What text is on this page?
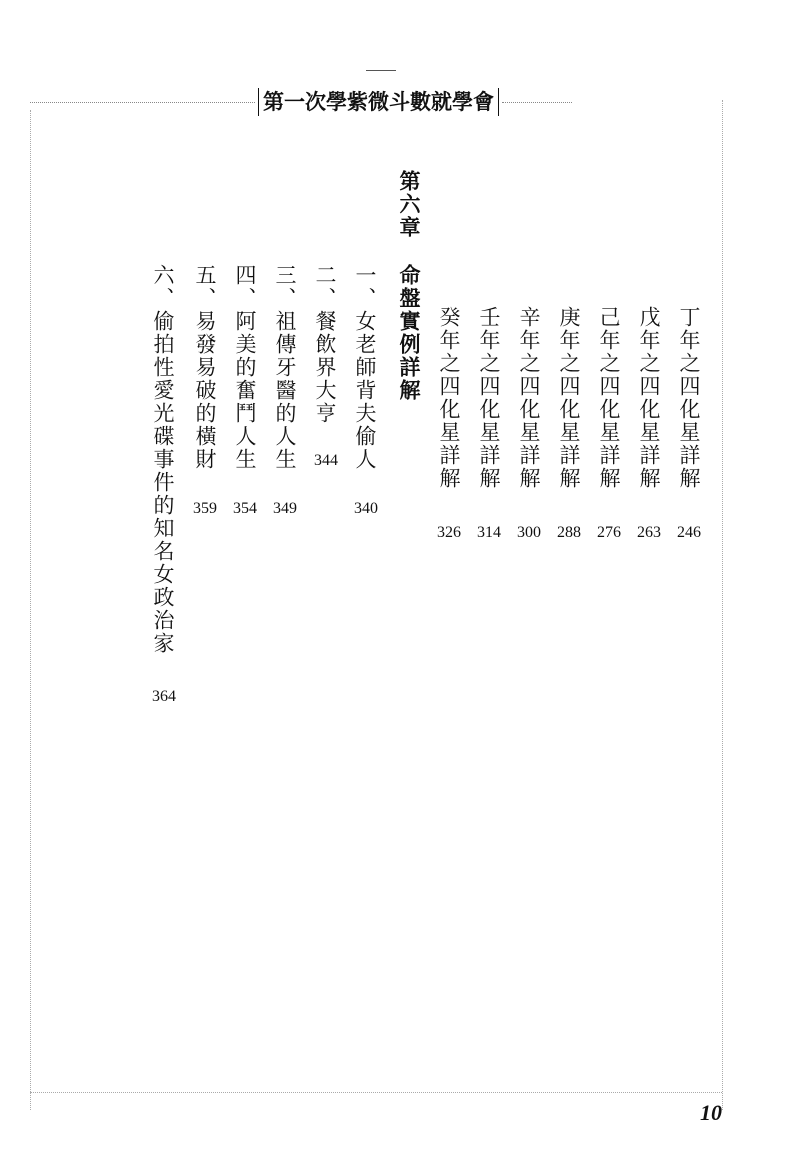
第一次學紫微斗數就學會
丁年之四化星詳解
246
戊年之四化星詳解
263
己年之四化星詳解
276
庚年之四化星詳解
288
辛年之四化星詳解
300
壬年之四化星詳解
314
癸年之四化星詳解
326
第六章
命盤實例詳解
一、女老師背夫偷人
340
二、餐飲界大亨
344
三、祖傳牙醫的人生
349
四、阿美的奮鬥人生
354
五、易發易破的橫財
359
六、偷拍性愛光碟事件的知名女政治家
364
10
